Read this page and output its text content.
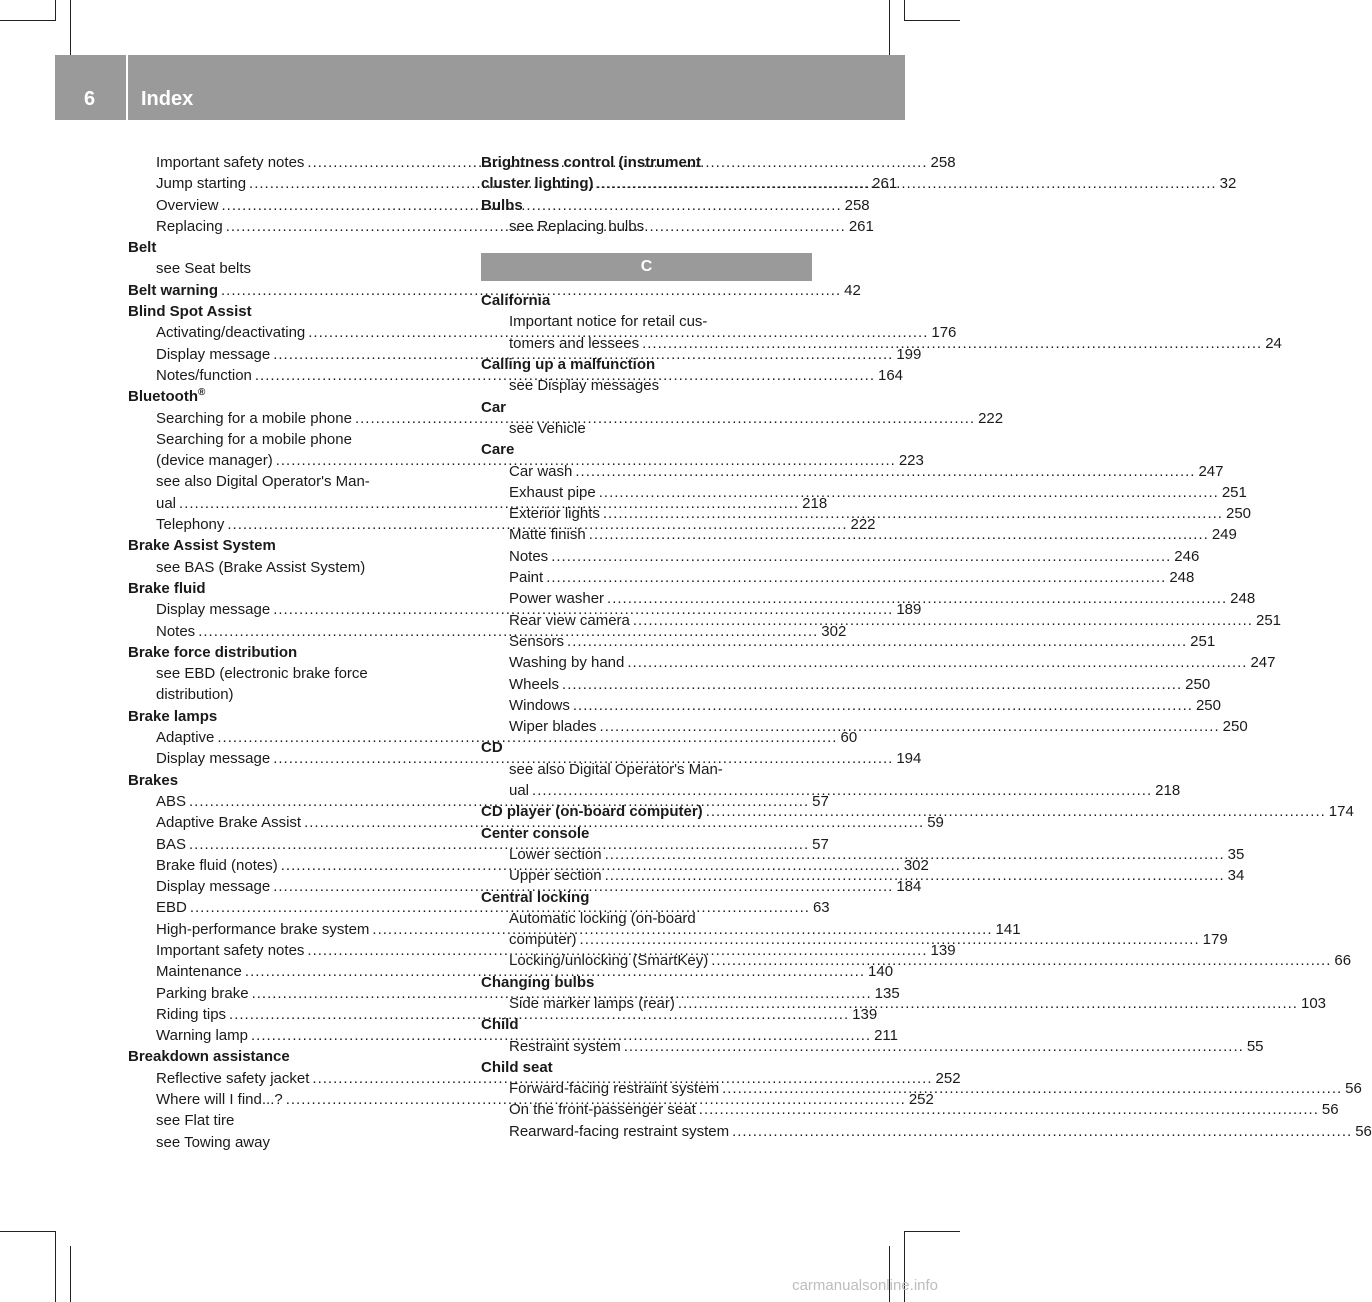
6 Index
Important safety notes .....	258
Jump starting .....	261
Overview .....	258
Replacing .....	261
Belt
see Seat belts
Belt warning .....	42
Blind Spot Assist
Activating/deactivating .....	176
Display message .....	199
Notes/function .....	164
Bluetooth®
Searching for a mobile phone .....	222
Searching for a mobile phone
(device manager) .....	223
see also Digital Operator's Man-
ual .....	218
Telephony .....	222
Brake Assist System
see BAS (Brake Assist System)
Brake fluid
Display message .....	189
Notes .....	302
Brake force distribution
see EBD (electronic brake force
distribution)
Brake lamps
Adaptive .....	60
Display message .....	194
Brakes
ABS .....	57
Adaptive Brake Assist .....	59
BAS .....	57
Brake fluid (notes) .....	302
Display message .....	184
EBD .....	63
High-performance brake system .....	141
Important safety notes .....	139
Maintenance .....	140
Parking brake .....	135
Riding tips .....	139
Warning lamp .....	211
Breakdown assistance
Reflective safety jacket .....	252
Where will I find...? .....	252
see Flat tire
see Towing away
Brightness control (instrument
cluster lighting) .....	32
Bulbs
see Replacing bulbs
C
California
Important notice for retail cus-
tomers and lessees .....	24
Calling up a malfunction
see Display messages
Car
see Vehicle
Care
Car wash .....	247
Exhaust pipe .....	251
Exterior lights .....	250
Matte finish .....	249
Notes .....	246
Paint .....	248
Power washer .....	248
Rear view camera .....	251
Sensors .....	251
Washing by hand .....	247
Wheels .....	250
Windows .....	250
Wiper blades .....	250
CD
see also Digital Operator's Man-
ual .....	218
CD player (on-board computer) .....	174
Center console
Lower section .....	35
Upper section .....	34
Central locking
Automatic locking (on-board
computer) .....	179
Locking/unlocking (SmartKey) .....	66
Changing bulbs
Side marker lamps (rear) .....	103
Child
Restraint system .....	55
Child seat
Forward-facing restraint system .....	56
On the front-passenger seat .....	56
Rearward-facing restraint system .....	56
carmanualsonline.info
